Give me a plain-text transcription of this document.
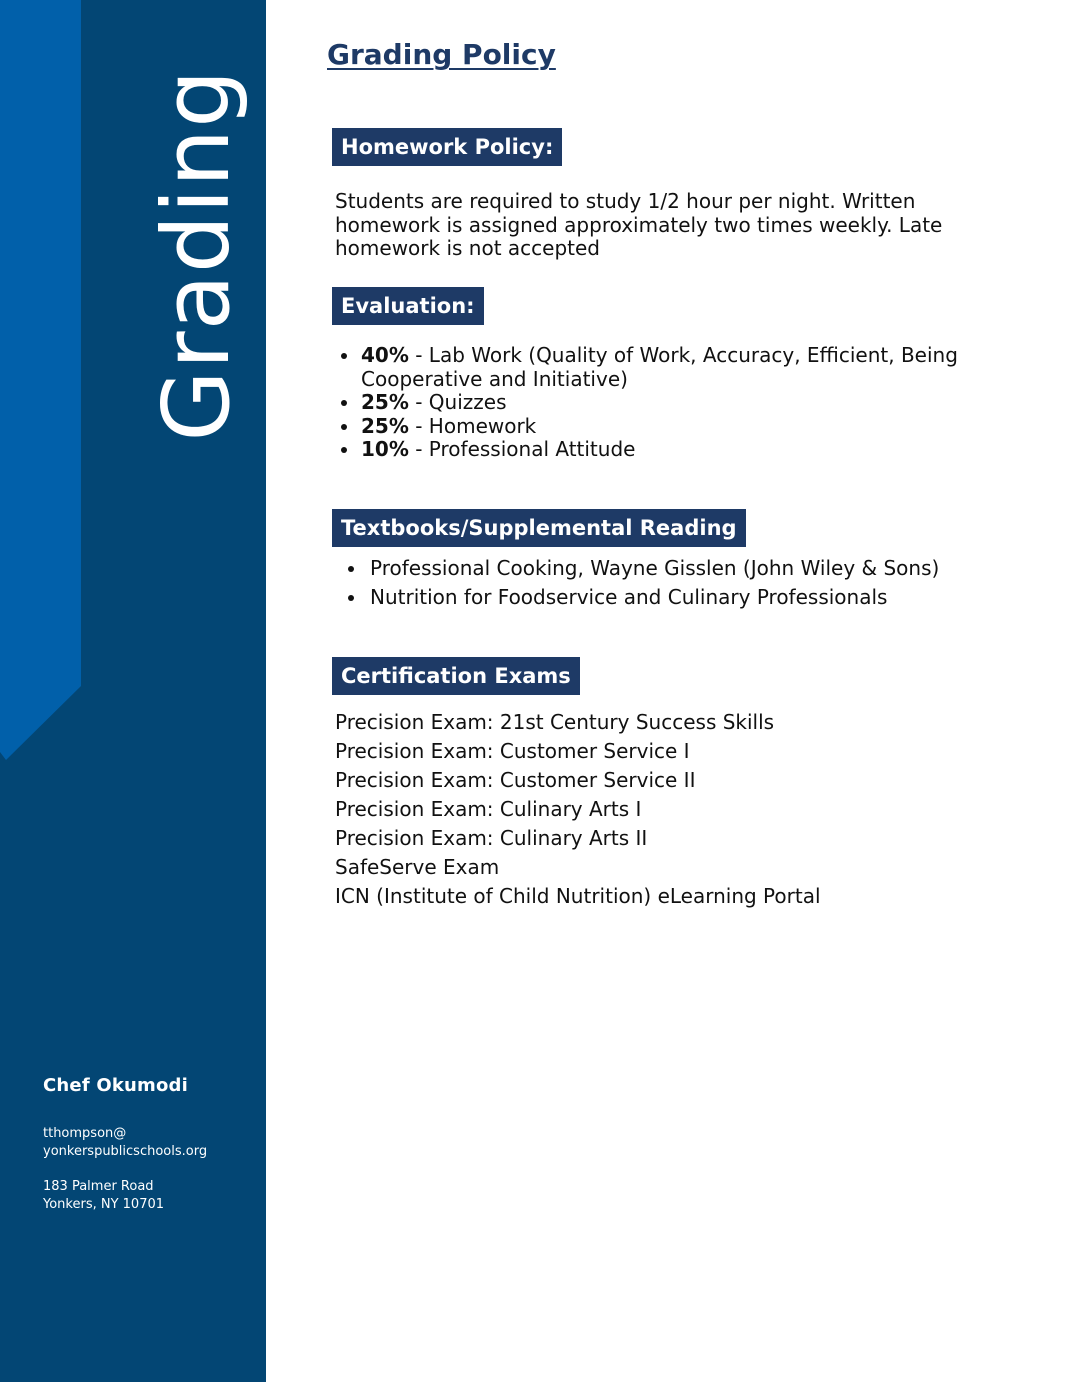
Grading
Chef Okumodi
tthompson@
yonkerspublicschools.org
183 Palmer Road
Yonkers, NY 10701
Grading Policy
Homework Policy:
Students are required to study 1/2 hour per night. Written homework is assigned approximately two times weekly. Late homework is not accepted
Evaluation:
40% - Lab Work (Quality of Work, Accuracy, Efficient, Being Cooperative and Initiative)
25% - Quizzes
25% - Homework
10% - Professional Attitude
Textbooks/Supplemental Reading
Professional Cooking, Wayne Gisslen (John Wiley & Sons)
Nutrition for Foodservice and Culinary Professionals
Certification Exams
Precision Exam: 21st Century Success Skills
Precision Exam: Customer Service I
Precision Exam: Customer Service II
Precision Exam: Culinary Arts I
Precision Exam: Culinary Arts II
SafeServe Exam
ICN (Institute of Child Nutrition) eLearning Portal
